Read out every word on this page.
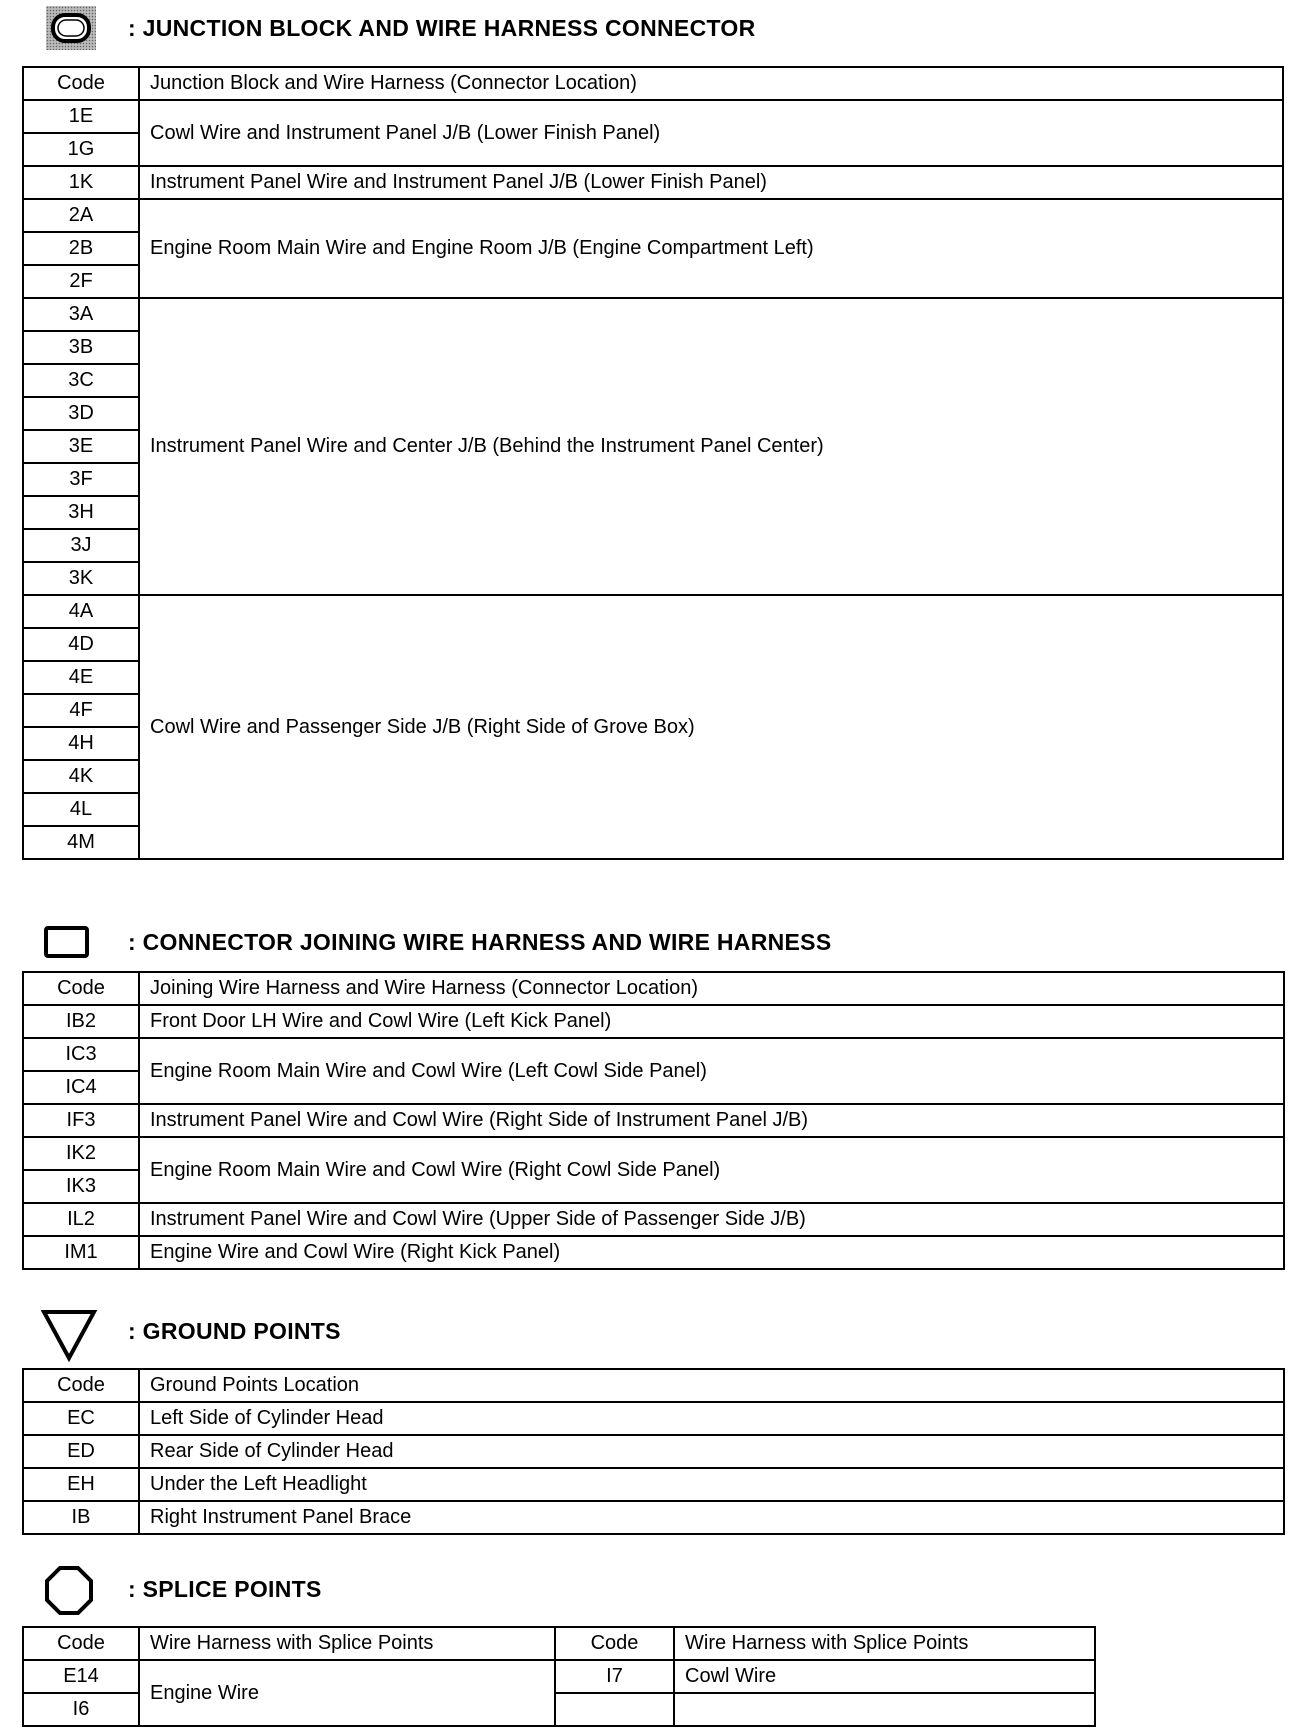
: JUNCTION BLOCK AND WIRE HARNESS CONNECTOR
Code	Junction Block and Wire Harness (Connector Location)
1E	Cowl Wire and Instrument Panel J/B (Lower Finish Panel)
1G	
1K	Instrument Panel Wire and Instrument Panel J/B (Lower Finish Panel)
2A	Engine Room Main Wire and Engine Room J/B (Engine Compartment Left)
2B	
2F	
3A	Instrument Panel Wire and Center J/B (Behind the Instrument Panel Center)
3B	
3C	
3D	
3E	
3F	
3H	
3J	
3K	
4A	Cowl Wire and Passenger Side J/B (Right Side of Grove Box)
4D	
4E	
4F	
4H	
4K	
4L	
4M	
: CONNECTOR JOINING WIRE HARNESS AND WIRE HARNESS
Code	Joining Wire Harness and Wire Harness (Connector Location)
IB2	Front Door LH Wire and Cowl Wire (Left Kick Panel)
IC3	Engine Room Main Wire and Cowl Wire (Left Cowl Side Panel)
IC4	
IF3	Instrument Panel Wire and Cowl Wire (Right Side of Instrument Panel J/B)
IK2	Engine Room Main Wire and Cowl Wire (Right Cowl Side Panel)
IK3	
IL2	Instrument Panel Wire and Cowl Wire (Upper Side of Passenger Side J/B)
IM1	Engine Wire and Cowl Wire (Right Kick Panel)
: GROUND POINTS
Code	Ground Points Location
EC	Left Side of Cylinder Head
ED	Rear Side of Cylinder Head
EH	Under the Left Headlight
IB	Right Instrument Panel Brace
: SPLICE POINTS
Code	Wire Harness with Splice Points	Code	Wire Harness with Splice Points
E14	Engine Wire	I7	Cowl Wire
I6			
